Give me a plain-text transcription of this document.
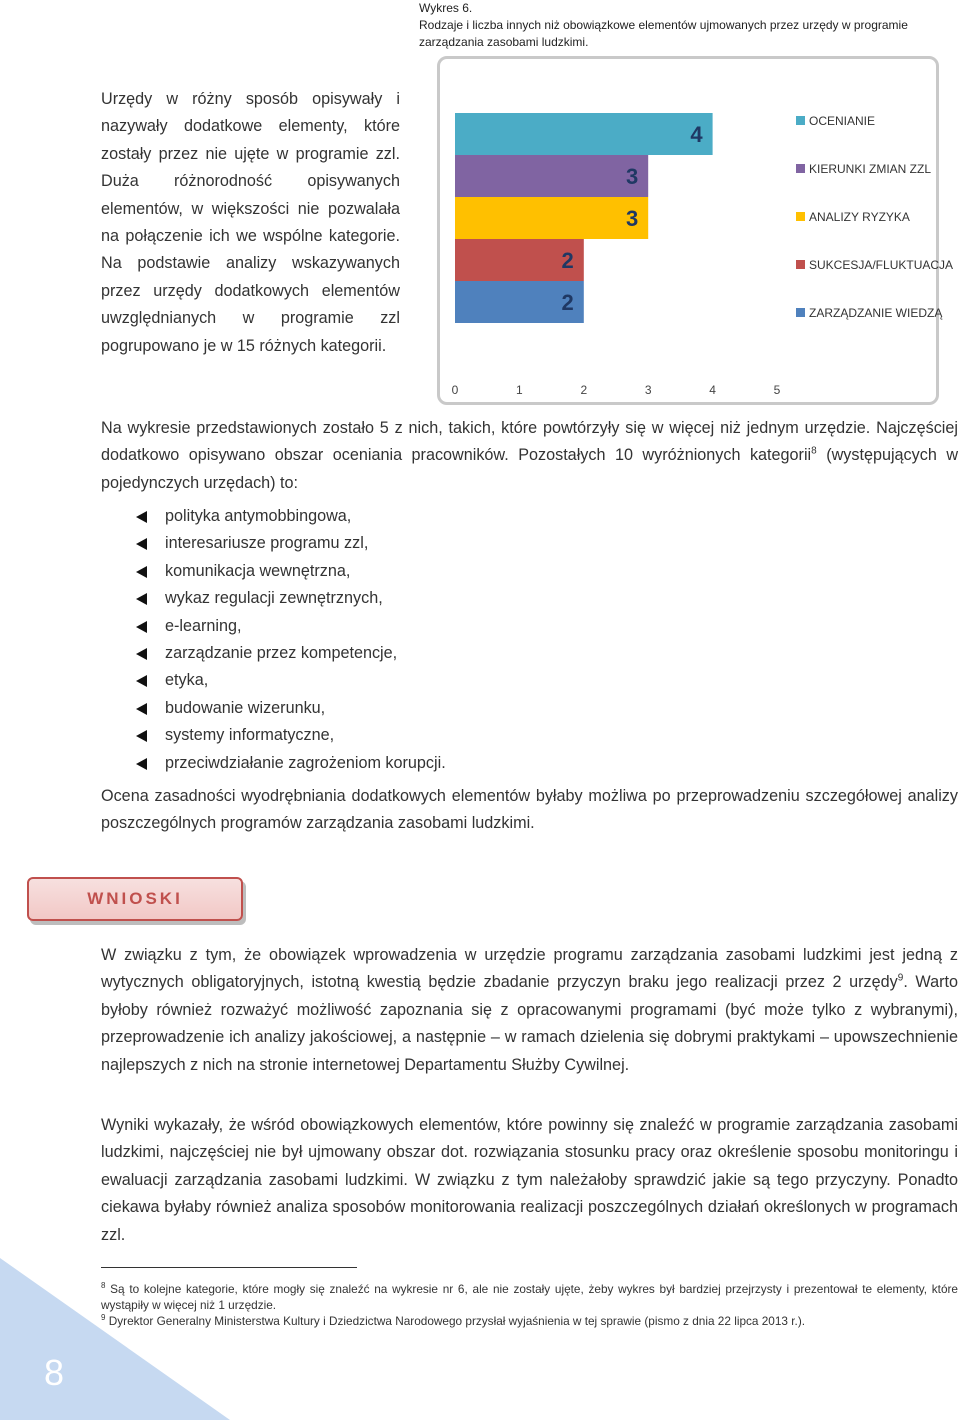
Wykres 6.
Rodzaje i liczba innych niż obowiązkowe elementów ujmowanych przez urzędy w programie zarządzania zasobami ludzkimi.
Urzędy w różny sposób opisywały i nazywały dodatkowe elementy, które zostały przez nie ujęte w programie zzl. Duża różnorodność opisywanych elementów, w większości nie pozwalała na połączenie ich we wspólne kategorie. Na podstawie analizy wskazywanych przez urzędy dodatkowych elementów uwzględnianych w programie zzl pogrupowano je w 15 różnych kategorii.
4
3
3
2
2
0	1	2	3	4	5
OCENIANIE
KIERUNKI ZMIAN ZZL
ANALIZY RYZYKA
SUKCESJA/FLUKTUACJA
ZARZĄDZANIE WIEDZĄ
Na wykresie przedstawionych zostało 5 z nich, takich, które powtórzyły się w więcej niż jednym urzędzie. Najczęściej dodatkowo opisywano obszar oceniania pracowników. Pozostałych 10 wyróżnionych kategorii$^8$ (występujących w pojedynczych urzędach) to:
polityka antymobbingowa,
interesariusze programu zzl,
komunikacja wewnętrzna,
wykaz regulacji zewnętrznych,
e-learning,
zarządzanie przez kompetencje,
etyka,
budowanie wizerunku,
systemy informatyczne,
przeciwdziałanie zagrożeniom korupcji.
Ocena zasadności wyodrębniania dodatkowych elementów byłaby możliwa po przeprowadzeniu szczegółowej analizy poszczególnych programów zarządzania zasobami ludzkimi.
WNIOSKI
W związku z tym, że obowiązek wprowadzenia w urzędzie programu zarządzania zasobami ludzkimi jest jedną z wytycznych obligatoryjnych, istotną kwestią będzie zbadanie przyczyn braku jego realizacji przez 2 urzędy$^9$. Warto byłoby również rozważyć możliwość zapoznania się z opracowanymi programami (być może tylko z wybranymi), przeprowadzenie ich analizy jakościowej, a następnie – w ramach dzielenia się dobrymi praktykami – upowszechnienie najlepszych z nich na stronie internetowej Departamentu Służby Cywilnej.
Wyniki wykazały, że wśród obowiązkowych elementów, które powinny się znaleźć w programie zarządzania zasobami ludzkimi, najczęściej nie był ujmowany obszar dot. rozwiązania stosunku pracy oraz określenie sposobu monitoringu i ewaluacji zarządzania zasobami ludzkimi. W związku z tym należałoby sprawdzić jakie są tego przyczyny. Ponadto ciekawa byłaby również analiza sposobów monitorowania realizacji poszczególnych działań określonych w programach zzl.
$^8$ Są to kolejne kategorie, które mogły się znaleźć na wykresie nr 6, ale nie zostały ujęte, żeby wykres był bardziej przejrzysty i prezentował te elementy, które wystąpiły w więcej niż 1 urzędzie.
$^9$ Dyrektor Generalny Ministerstwa Kultury i Dziedzictwa Narodowego przysłał wyjaśnienia w tej sprawie (pismo z dnia 22 lipca 2013 r.).
8
